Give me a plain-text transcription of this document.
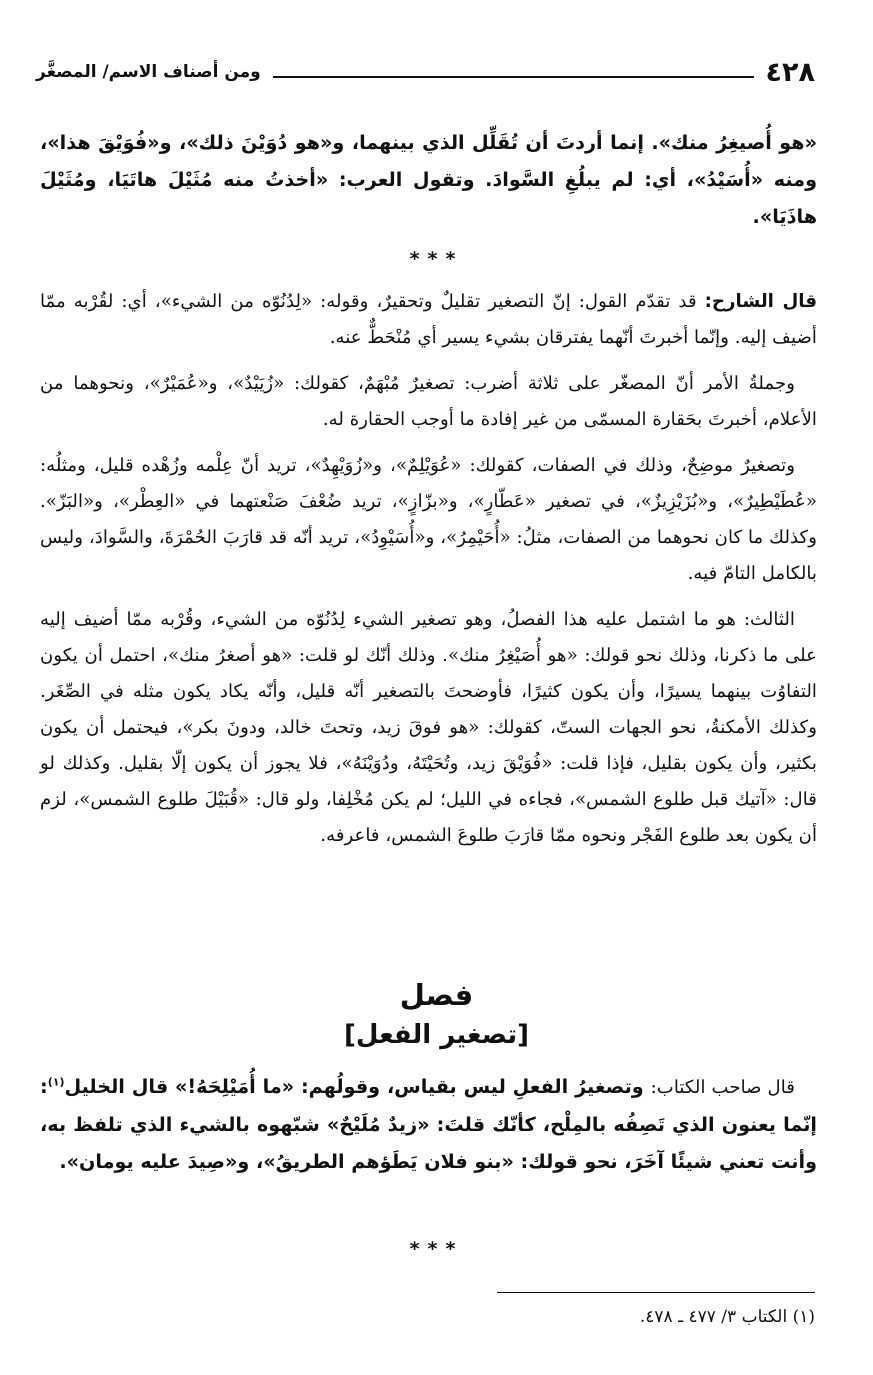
٤٢٨
ومن أصناف الاسم/ المصغَّر

«هو أُصيغِرُ منك». إنما أردتَ أن تُقَلِّل الذي بينهما، و«هو دُوَيْنَ ذلك»، و«فُوَيْقَ هذا»، ومنه «أُسَيْدُ»، أي: لم يبلُغِ السَّوادَ. وتقول العرب: «أخذتُ منه مُثَيْلَ هاتَيَا، ومُثَيْلَ هاذَيَا».

***

قال الشارح: قد تقدّم القول: إنّ التصغير تقليلٌ وتحقيرٌ، وقوله: «لِدُنُوّه من الشيء»، أي: لقُرْبه ممّا أضيف إليه. وإنّما أخبرتَ أنّهما يفترقان بشيء يسير أي مُنْحَطٌّ عنه.

وجملةُ الأمر أنّ المصغّر على ثلاثة أضرب: تصغيرٌ مُبْهَمٌ، كقولك: «زُيَيْدٌ»، و«عُمَيْرٌ»، ونحوهما من الأعلام، أخبرتَ بحَقارة المسمّى من غير إفادة ما أوجب الحقارة له.

وتصغيرٌ موضِحٌ، وذلك في الصفات، كقولك: «عُوَيْلِمٌ»، و«زُوَيْهِدٌ»، تريد أنّ عِلْمه وزُهْده قليل، ومثلُه: «عُطَيْطِيرٌ»، و«بُزَيْزِيزٌ»، في تصغير «عَطّارٍ»، و«بزّازٍ»، تريد ضُعْفَ صَنْعتهما في «العِطْر»، و«البَزّ». وكذلك ما كان نحوهما من الصفات، مثلُ: «أُحَيْمِرُ»، و«أُسَيْوِدُ»، تريد أنّه قد قارَبَ الحُمْرَةَ، والسَّوادَ، وليس بالكامل التامّ فيه.

الثالث: هو ما اشتمل عليه هذا الفصلُ، وهو تصغير الشيء لِدُنُوّه من الشيء، وقُرْبه ممّا أضيف إليه على ما ذكرنا، وذلك نحو قولك: «هو أُصَيْغِرُ منك». وذلك أنّك لو قلت: «هو أصغرُ منك»، احتمل أن يكون التفاوُت بينهما يسيرًا، وأن يكون كثيرًا، فأوضحتَ بالتصغير أنّه قليل، وأنّه يكاد يكون مثله في الصِّغَر. وكذلك الأمكنةُ، نحو الجهات الستّ، كقولك: «هو فوقَ زيد، وتحتَ خالد، ودونَ بكر»، فيحتمل أن يكون بكثير، وأن يكون بقليل، فإذا قلت: «فُوَيْقَ زيد، وتُحَيْتَهُ، ودُوَيْنَهُ»، فلا يجوز أن يكون إلّا بقليل. وكذلك لو قال: «آتيك قبل طلوع الشمس»، فجاءه في الليل؛ لم يكن مُخْلِفا، ولو قال: «قُبَيْلَ طلوع الشمس»، لزم أن يكون بعد طلوع الفَجْر ونحوه ممّا قارَبَ طلوعَ الشمس، فاعرفه.

فصل
[تصغير الفعل]

قال صاحب الكتاب: وتصغيرُ الفعلِ ليس بقياس، وقولُهم: «ما أُمَيْلِحَهُ!» قال الخليل$^{(١)}$: إنّما يعنون الذي تَصِفُه بالمِلْح، كأنّك قلتَ: «زيدٌ مُلَيْحٌ» شبّهوه بالشيء الذي تلفظ به، وأنت تعني شيئًا آخَرَ، نحو قولك: «بنو فلان يَطَؤهم الطريقُ»، و«صِيدَ عليه يومان».

***
(١) الكتاب ٣/ ٤٧٧ ـ ٤٧٨.
